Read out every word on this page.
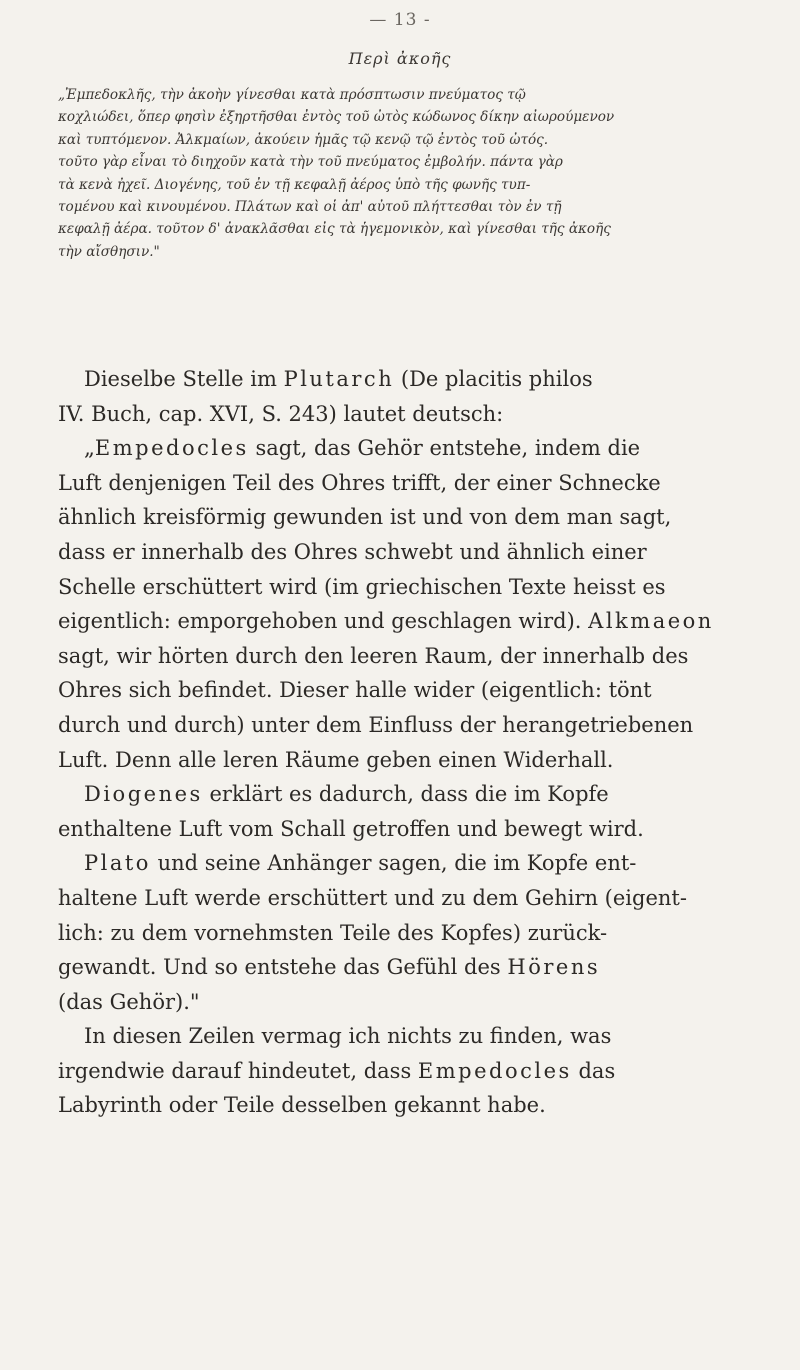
— 13 -
Περὶ ἀκοῆς
„Ἐμπεδοκλῆς, τὴν ἀκοὴν γίνεσθαι κατὰ πρόσπτωσιν πνεύματος τῷ
κοχλιώδει, ὅπερ φησὶν ἐξηρτῆσθαι ἐντὸς τοῦ ὠτὸς κώδωνος δίκην αἰωρούμενον
καὶ τυπτόμενον. Ἀλκμαίων, ἀκούειν ἡμᾶς τῷ κενῷ τῷ ἐντὸς τοῦ ὠτός.
τοῦτο γὰρ εἶναι τὸ διηχοῦν κατὰ τὴν τοῦ πνεύματος ἐμβολήν. πάντα γὰρ
τὰ κενὰ ἠχεῖ. Διογένης, τοῦ ἐν τῇ κεφαλῇ ἀέρος ὑπὸ τῆς φωνῆς τυπ-
τομένου καὶ κινουμένου. Πλάτων καὶ οἱ ἀπ' αὐτοῦ πλήττεσθαι τὸν ἐν τῇ
κεφαλῇ ἀέρα. τοῦτον δ' ἀνακλᾶσθαι εἰς τὰ ἡγεμονικὸν, καὶ γίνεσθαι τῆς ἀκοῆς
τὴν αἴσθησιν."
Dieselbe Stelle im Plutarch (De placitis philos
IV. Buch, cap. XVI, S. 243) lautet deutsch:
„Empedocles sagt, das Gehör entstehe, indem die
Luft denjenigen Teil des Ohres trifft, der einer Schnecke
ähnlich kreisförmig gewunden ist und von dem man sagt,
dass er innerhalb des Ohres schwebt und ähnlich einer
Schelle erschüttert wird (im griechischen Texte heisst es
eigentlich: emporgehoben und geschlagen wird). Alkmaeon
sagt, wir hörten durch den leeren Raum, der innerhalb des
Ohres sich befindet. Dieser halle wider (eigentlich: tönt
durch und durch) unter dem Einfluss der herangetriebenen
Luft. Denn alle leren Räume geben einen Widerhall.
Diogenes erklärt es dadurch, dass die im Kopfe
enthaltene Luft vom Schall getroffen und bewegt wird.
Plato und seine Anhänger sagen, die im Kopfe ent-
haltene Luft werde erschüttert und zu dem Gehirn (eigent-
lich: zu dem vornehmsten Teile des Kopfes) zurück-
gewandt. Und so entstehe das Gefühl des Hörens
(das Gehör)."
In diesen Zeilen vermag ich nichts zu finden, was
irgendwie darauf hindeutet, dass Empedocles das
Labyrinth oder Teile desselben gekannt habe.
